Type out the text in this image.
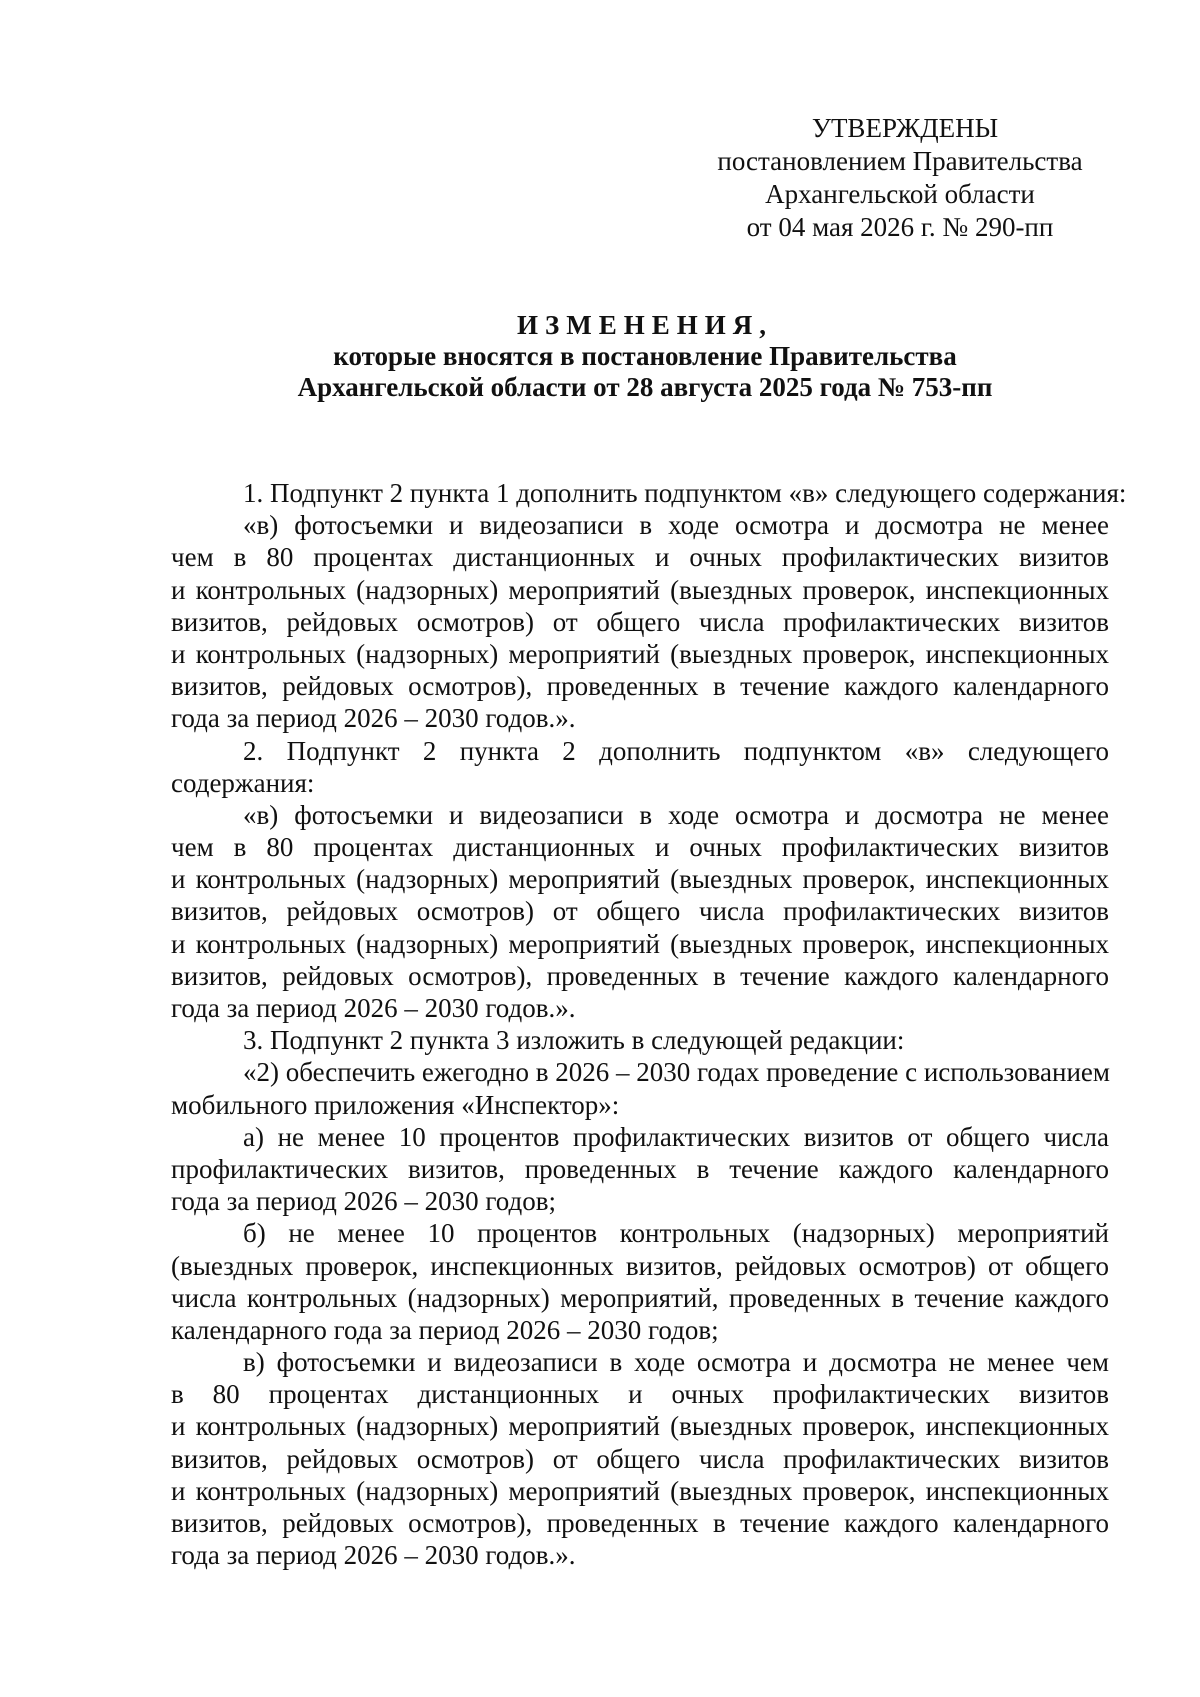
УТВЕРЖДЕНЫ
постановлением Правительства
Архангельской области
от 04 мая 2026 г. № 290-пп
ИЗМЕНЕНИЯ,
которые вносятся в постановление Правительства
Архангельской области от 28 августа 2025 года № 753-пп
1. Подпункт 2 пункта 1 дополнить подпунктом «в» следующего содержания:
«в) фотосъемки и видеозаписи в ходе осмотра и досмотра не менее
чем в 80 процентах дистанционных и очных профилактических визитов
и контрольных (надзорных) мероприятий (выездных проверок, инспекционных
визитов, рейдовых осмотров) от общего числа профилактических визитов
и контрольных (надзорных) мероприятий (выездных проверок, инспекционных
визитов, рейдовых осмотров), проведенных в течение каждого календарного
года за период 2026 – 2030 годов.».
2. Подпункт 2 пункта 2 дополнить подпунктом «в» следующего
содержания:
«в) фотосъемки и видеозаписи в ходе осмотра и досмотра не менее
чем в 80 процентах дистанционных и очных профилактических визитов
и контрольных (надзорных) мероприятий (выездных проверок, инспекционных
визитов, рейдовых осмотров) от общего числа профилактических визитов
и контрольных (надзорных) мероприятий (выездных проверок, инспекционных
визитов, рейдовых осмотров), проведенных в течение каждого календарного
года за период 2026 – 2030 годов.».
3. Подпункт 2 пункта 3 изложить в следующей редакции:
«2) обеспечить ежегодно в 2026 – 2030 годах проведение с использованием
мобильного приложения «Инспектор»:
а) не менее 10 процентов профилактических визитов от общего числа
профилактических визитов, проведенных в течение каждого календарного
года за период 2026 – 2030 годов;
б) не менее 10 процентов контрольных (надзорных) мероприятий
(выездных проверок, инспекционных визитов, рейдовых осмотров) от общего
числа контрольных (надзорных) мероприятий, проведенных в течение каждого
календарного года за период 2026 – 2030 годов;
в) фотосъемки и видеозаписи в ходе осмотра и досмотра не менее чем
в 80 процентах дистанционных и очных профилактических визитов
и контрольных (надзорных) мероприятий (выездных проверок, инспекционных
визитов, рейдовых осмотров) от общего числа профилактических визитов
и контрольных (надзорных) мероприятий (выездных проверок, инспекционных
визитов, рейдовых осмотров), проведенных в течение каждого календарного
года за период 2026 – 2030 годов.».
